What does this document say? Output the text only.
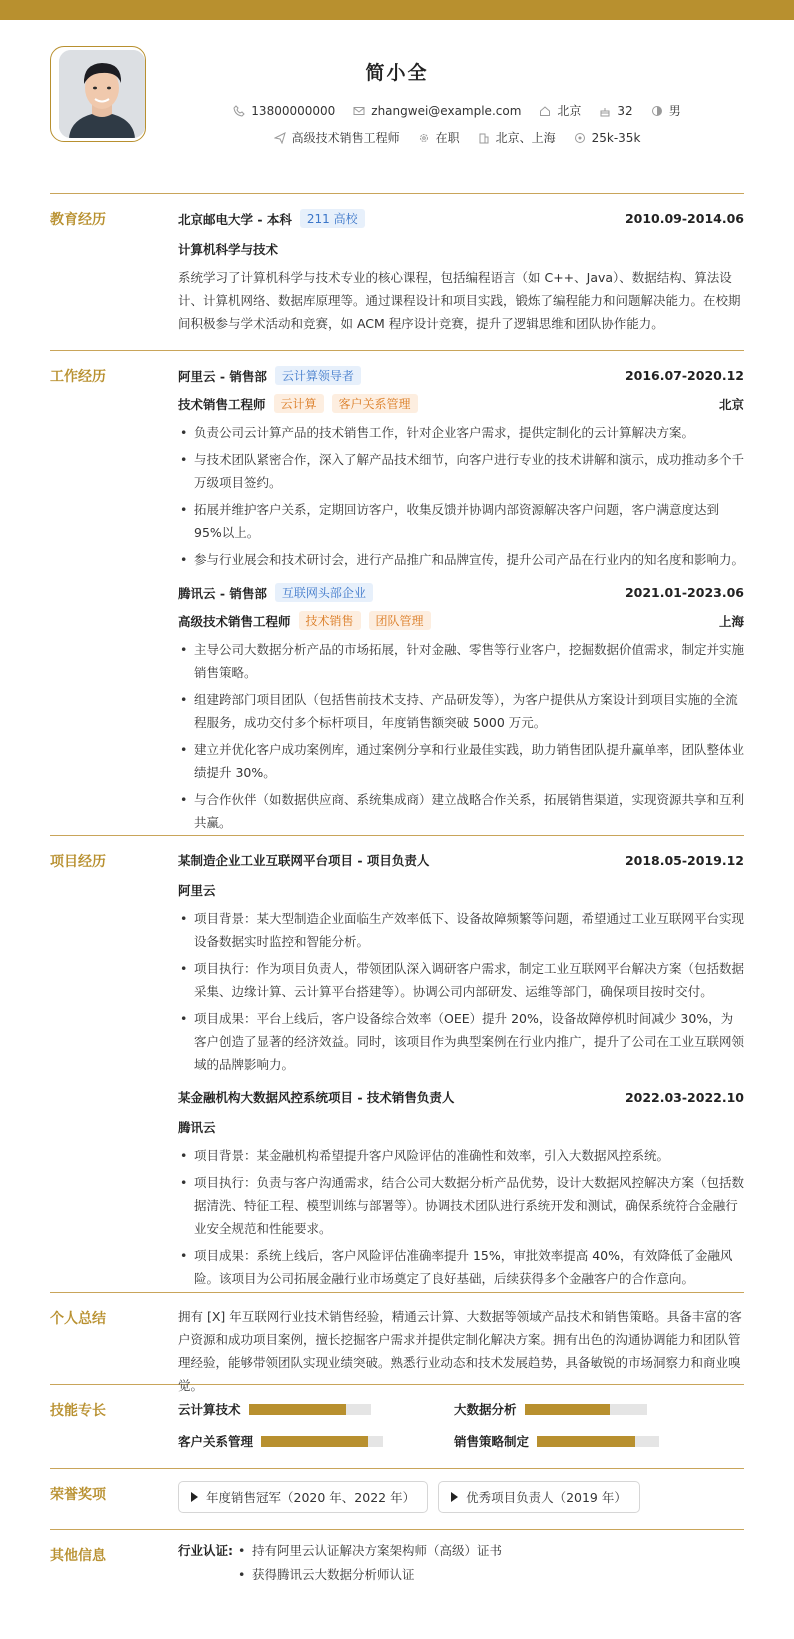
简小全
13800000000	zhangwei@example.com	北京	32	男
高级技术销售工程师	在职	北京、上海	25k-35k
教育经历	北京邮电大学 - 本科	211 高校	2010.09-2014.06
计算机科学与技术
系统学习了计算机科学与技术专业的核心课程，包括编程语言（如 C++、Java）、数据结构、算法设计、计算机网络、数据库原理等。通过课程设计和项目实践，锻炼了编程能力和问题解决能力。在校期间积极参与学术活动和竞赛，如 ACM 程序设计竞赛，提升了逻辑思维和团队协作能力。
工作经历	阿里云 - 销售部	云计算领导者	2016.07-2020.12
技术销售工程师	云计算	客户关系管理	北京
• 负责公司云计算产品的技术销售工作，针对企业客户需求，提供定制化的云计算解决方案。
• 与技术团队紧密合作，深入了解产品技术细节，向客户进行专业的技术讲解和演示，成功推动多个千万级项目签约。
• 拓展并维护客户关系，定期回访客户，收集反馈并协调内部资源解决客户问题，客户满意度达到 95%以上。
• 参与行业展会和技术研讨会，进行产品推广和品牌宣传，提升公司产品在行业内的知名度和影响力。
腾讯云 - 销售部	互联网头部企业	2021.01-2023.06
高级技术销售工程师	技术销售	团队管理	上海
• 主导公司大数据分析产品的市场拓展，针对金融、零售等行业客户，挖掘数据价值需求，制定并实施销售策略。
• 组建跨部门项目团队（包括售前技术支持、产品研发等），为客户提供从方案设计到项目实施的全流程服务，成功交付多个标杆项目，年度销售额突破 5000 万元。
• 建立并优化客户成功案例库，通过案例分享和行业最佳实践，助力销售团队提升赢单率，团队整体业绩提升 30%。
• 与合作伙伴（如数据供应商、系统集成商）建立战略合作关系，拓展销售渠道，实现资源共享和互利共赢。
项目经历	某制造企业工业互联网平台项目 - 项目负责人	2018.05-2019.12
阿里云
• 项目背景：某大型制造企业面临生产效率低下、设备故障频繁等问题，希望通过工业互联网平台实现设备数据实时监控和智能分析。
• 项目执行：作为项目负责人，带领团队深入调研客户需求，制定工业互联网平台解决方案（包括数据采集、边缘计算、云计算平台搭建等）。协调公司内部研发、运维等部门，确保项目按时交付。
• 项目成果：平台上线后，客户设备综合效率（OEE）提升 20%，设备故障停机时间减少 30%，为客户创造了显著的经济效益。同时，该项目作为典型案例在行业内推广，提升了公司在工业互联网领域的品牌影响力。
某金融机构大数据风控系统项目 - 技术销售负责人	2022.03-2022.10
腾讯云
• 项目背景：某金融机构希望提升客户风险评估的准确性和效率，引入大数据风控系统。
• 项目执行：负责与客户沟通需求，结合公司大数据分析产品优势，设计大数据风控解决方案（包括数据清洗、特征工程、模型训练与部署等）。协调技术团队进行系统开发和测试，确保系统符合金融行业安全规范和性能要求。
• 项目成果：系统上线后，客户风险评估准确率提升 15%，审批效率提高 40%，有效降低了金融风险。该项目为公司拓展金融行业市场奠定了良好基础，后续获得多个金融客户的合作意向。
个人总结	拥有 [X] 年互联网行业技术销售经验，精通云计算、大数据等领域产品技术和销售策略。具备丰富的客户资源和成功项目案例，擅长挖掘客户需求并提供定制化解决方案。拥有出色的沟通协调能力和团队管理经验，能够带领团队实现业绩突破。熟悉行业动态和技术发展趋势，具备敏锐的市场洞察力和商业嗅觉。
技能专长	云计算技术	大数据分析
客户关系管理	销售策略制定
荣誉奖项	年度销售冠军（2020 年、2022 年）	优秀项目负责人（2019 年）
其他信息	行业认证:
•	持有阿里云认证解决方案架构师（高级）证书
• 获得腾讯云大数据分析师认证
